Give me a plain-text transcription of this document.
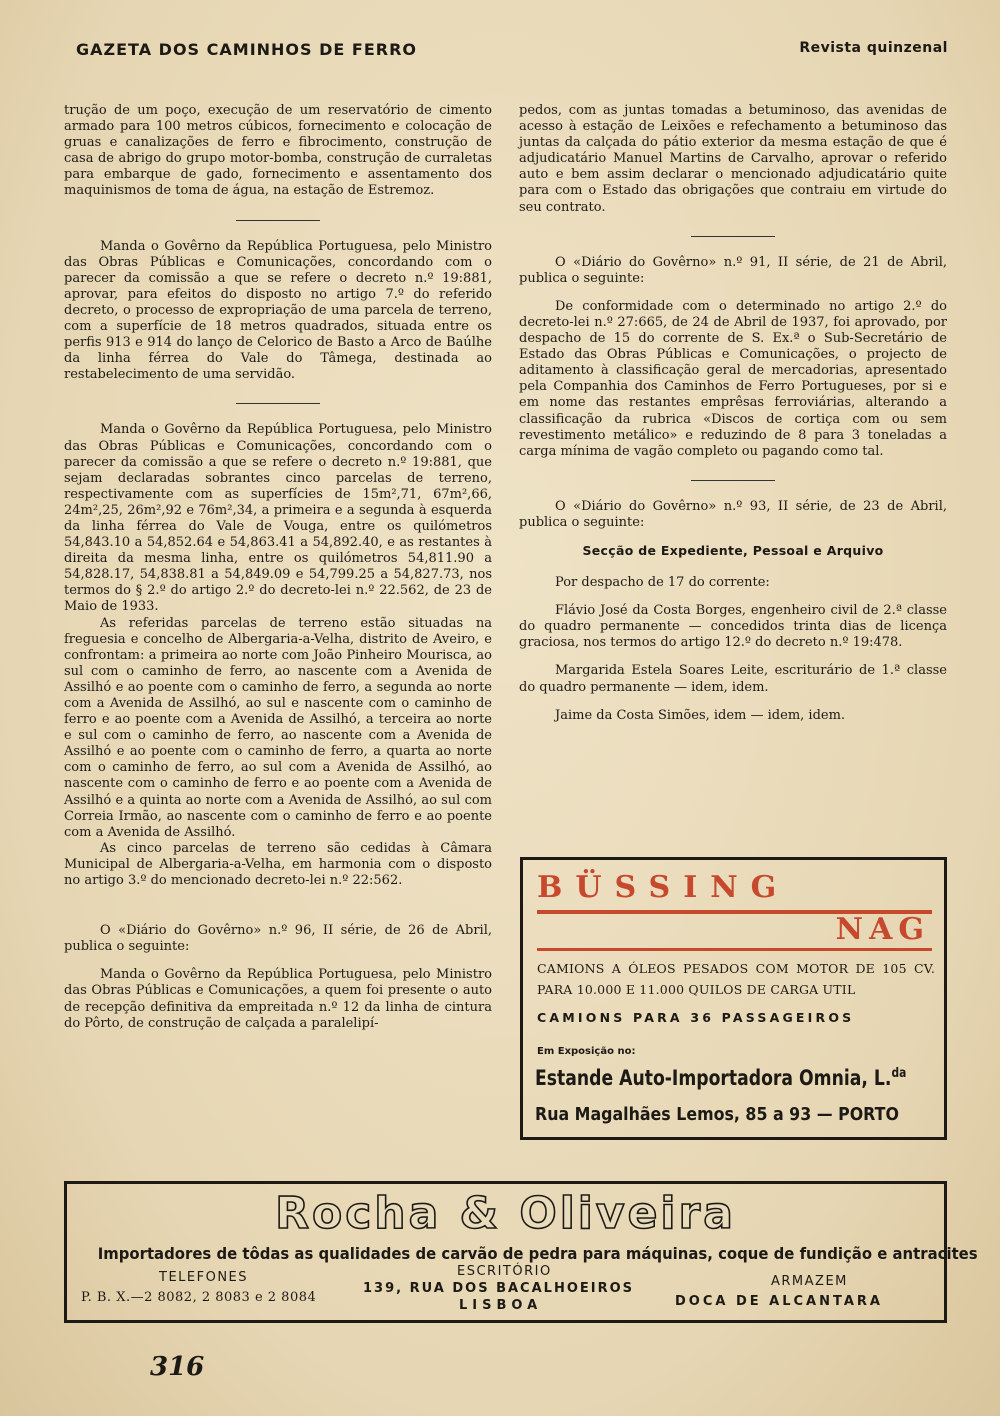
GAZETA DOS CAMINHOS DE FERRO	Revista quinzenal

trução de um poço, execução de um reservatório de cimento armado para 100 metros cúbicos, fornecimento e colocação de gruas e canalizações de ferro e fibrocimento, construção de casa de abrigo do grupo motor-bomba, construção de curraletas para embarque de gado, fornecimento e assentamento dos maquinismos de toma de água, na estação de Estremoz.

Manda o Govêrno da República Portuguesa, pelo Ministro das Obras Públicas e Comunicações, concordando com o parecer da comissão a que se refere o decreto n.º 19:881, aprovar, para efeitos do disposto no artigo 7.º do referido decreto, o processo de expropriação de uma parcela de terreno, com a superfície de 18 metros quadrados, situada entre os perfis 913 e 914 do lanço de Celorico de Basto a Arco de Baúlhe da linha férrea do Vale do Tâmega, destinada ao restabelecimento de uma servidão.

Manda o Govêrno da República Portuguesa, pelo Ministro das Obras Públicas e Comunicações, concordando com o parecer da comissão a que se refere o decreto n.º 19:881, que sejam declaradas sobrantes cinco parcelas de terreno, respectivamente com as superfícies de 15m²,71, 67m²,66, 24m²,25, 26m²,92 e 76m²,34, a primeira e a segunda à esquerda da linha férrea do Vale de Vouga, entre os quilómetros 54,843.10 a 54,852.64 e 54,863.41 a 54,892.40, e as restantes à direita da mesma linha, entre os quilómetros 54,811.90 a 54,828.17, 54,838.81 a 54,849.09 e 54,799.25 a 54,827.73, nos termos do § 2.º do artigo 2.º do decreto-lei n.º 22.562, de 23 de Maio de 1933.

As referidas parcelas de terreno estão situadas na freguesia e concelho de Albergaria-a-Velha, distrito de Aveiro, e confrontam: a primeira ao norte com João Pinheiro Mourisca, ao sul com o caminho de ferro, ao nascente com a Avenida de Assilhó e ao poente com o caminho de ferro, a segunda ao norte com a Avenida de Assilhó, ao sul e nascente com o caminho de ferro e ao poente com a Avenida de Assilhó, a terceira ao norte e sul com o caminho de ferro, ao nascente com a Avenida de Assilhó e ao poente com o caminho de ferro, a quarta ao norte com o caminho de ferro, ao sul com a Avenida de Assilhó, ao nascente com o caminho de ferro e ao poente com a Avenida de Assilhó e a quinta ao norte com a Avenida de Assilhó, ao sul com Correia Irmão, ao nascente com o caminho de ferro e ao poente com a Avenida de Assilhó.

As cinco parcelas de terreno são cedidas à Câmara Municipal de Albergaria-a-Velha, em harmonia com o disposto no artigo 3.º do mencionado decreto-lei n.º 22:562.

O «Diário do Govêrno» n.º 96, II série, de 26 de Abril, publica o seguinte:

Manda o Govêrno da República Portuguesa, pelo Ministro das Obras Públicas e Comunicações, a quem foi presente o auto de recepção definitiva da empreitada n.º 12 da linha de cintura do Pôrto, de construção de calçada a paralelipí-

pedos, com as juntas tomadas a betuminoso, das avenidas de acesso à estação de Leixões e refechamento a betuminoso das juntas da calçada do pátio exterior da mesma estação de que é adjudicatário Manuel Martins de Carvalho, aprovar o referido auto e bem assim declarar o mencionado adjudicatário quite para com o Estado das obrigações que contraiu em virtude do seu contrato.

O «Diário do Govêrno» n.º 91, II série, de 21 de Abril, publica o seguinte:

De conformidade com o determinado no artigo 2.º do decreto-lei n.º 27:665, de 24 de Abril de 1937, foi aprovado, por despacho de 15 do corrente de S. Ex.ª o Sub-Secretário de Estado das Obras Públicas e Comunicações, o projecto de aditamento à classificação geral de mercadorias, apresentado pela Companhia dos Caminhos de Ferro Portugueses, por si e em nome das restantes emprêsas ferroviárias, alterando a classificação da rubrica «Discos de cortiça com ou sem revestimento metálico» e reduzindo de 8 para 3 toneladas a carga mínima de vagão completo ou pagando como tal.

O «Diário do Govêrno» n.º 93, II série, de 23 de Abril, publica o seguinte:

Secção de Expediente, Pessoal e Arquivo

Por despacho de 17 do corrente:

Flávio José da Costa Borges, engenheiro civil de 2.ª classe do quadro permanente — concedidos trinta dias de licença graciosa, nos termos do artigo 12.º do decreto n.º 19:478.

Margarida Estela Soares Leite, escriturário de 1.ª classe do quadro permanente — idem, idem.

Jaime da Costa Simões, idem — idem, idem.

BÜSSING
NAG
CAMIONS A ÓLEOS PESADOS COM MOTOR DE 105 CV. PARA 10.000 E 11.000 QUILOS DE CARGA UTIL
CAMIONS PARA 36 PASSAGEIROS
Em Exposição no:
Estande Auto-Importadora Omnia, L.$^{da}$
Rua Magalhães Lemos, 85 a 93 — PORTO
Rocha & Oliveira
Importadores de tôdas as qualidades de carvão de pedra para máquinas, coque de fundição e antracites
TELEFONES
P. B. X.—2 8082, 2 8083 e 2 8084
ESCRITÓRIO
139, RUA DOS BACALHOEIROS
LISBOA
ARMAZEM
DOCA DE ALCANTARA
316
